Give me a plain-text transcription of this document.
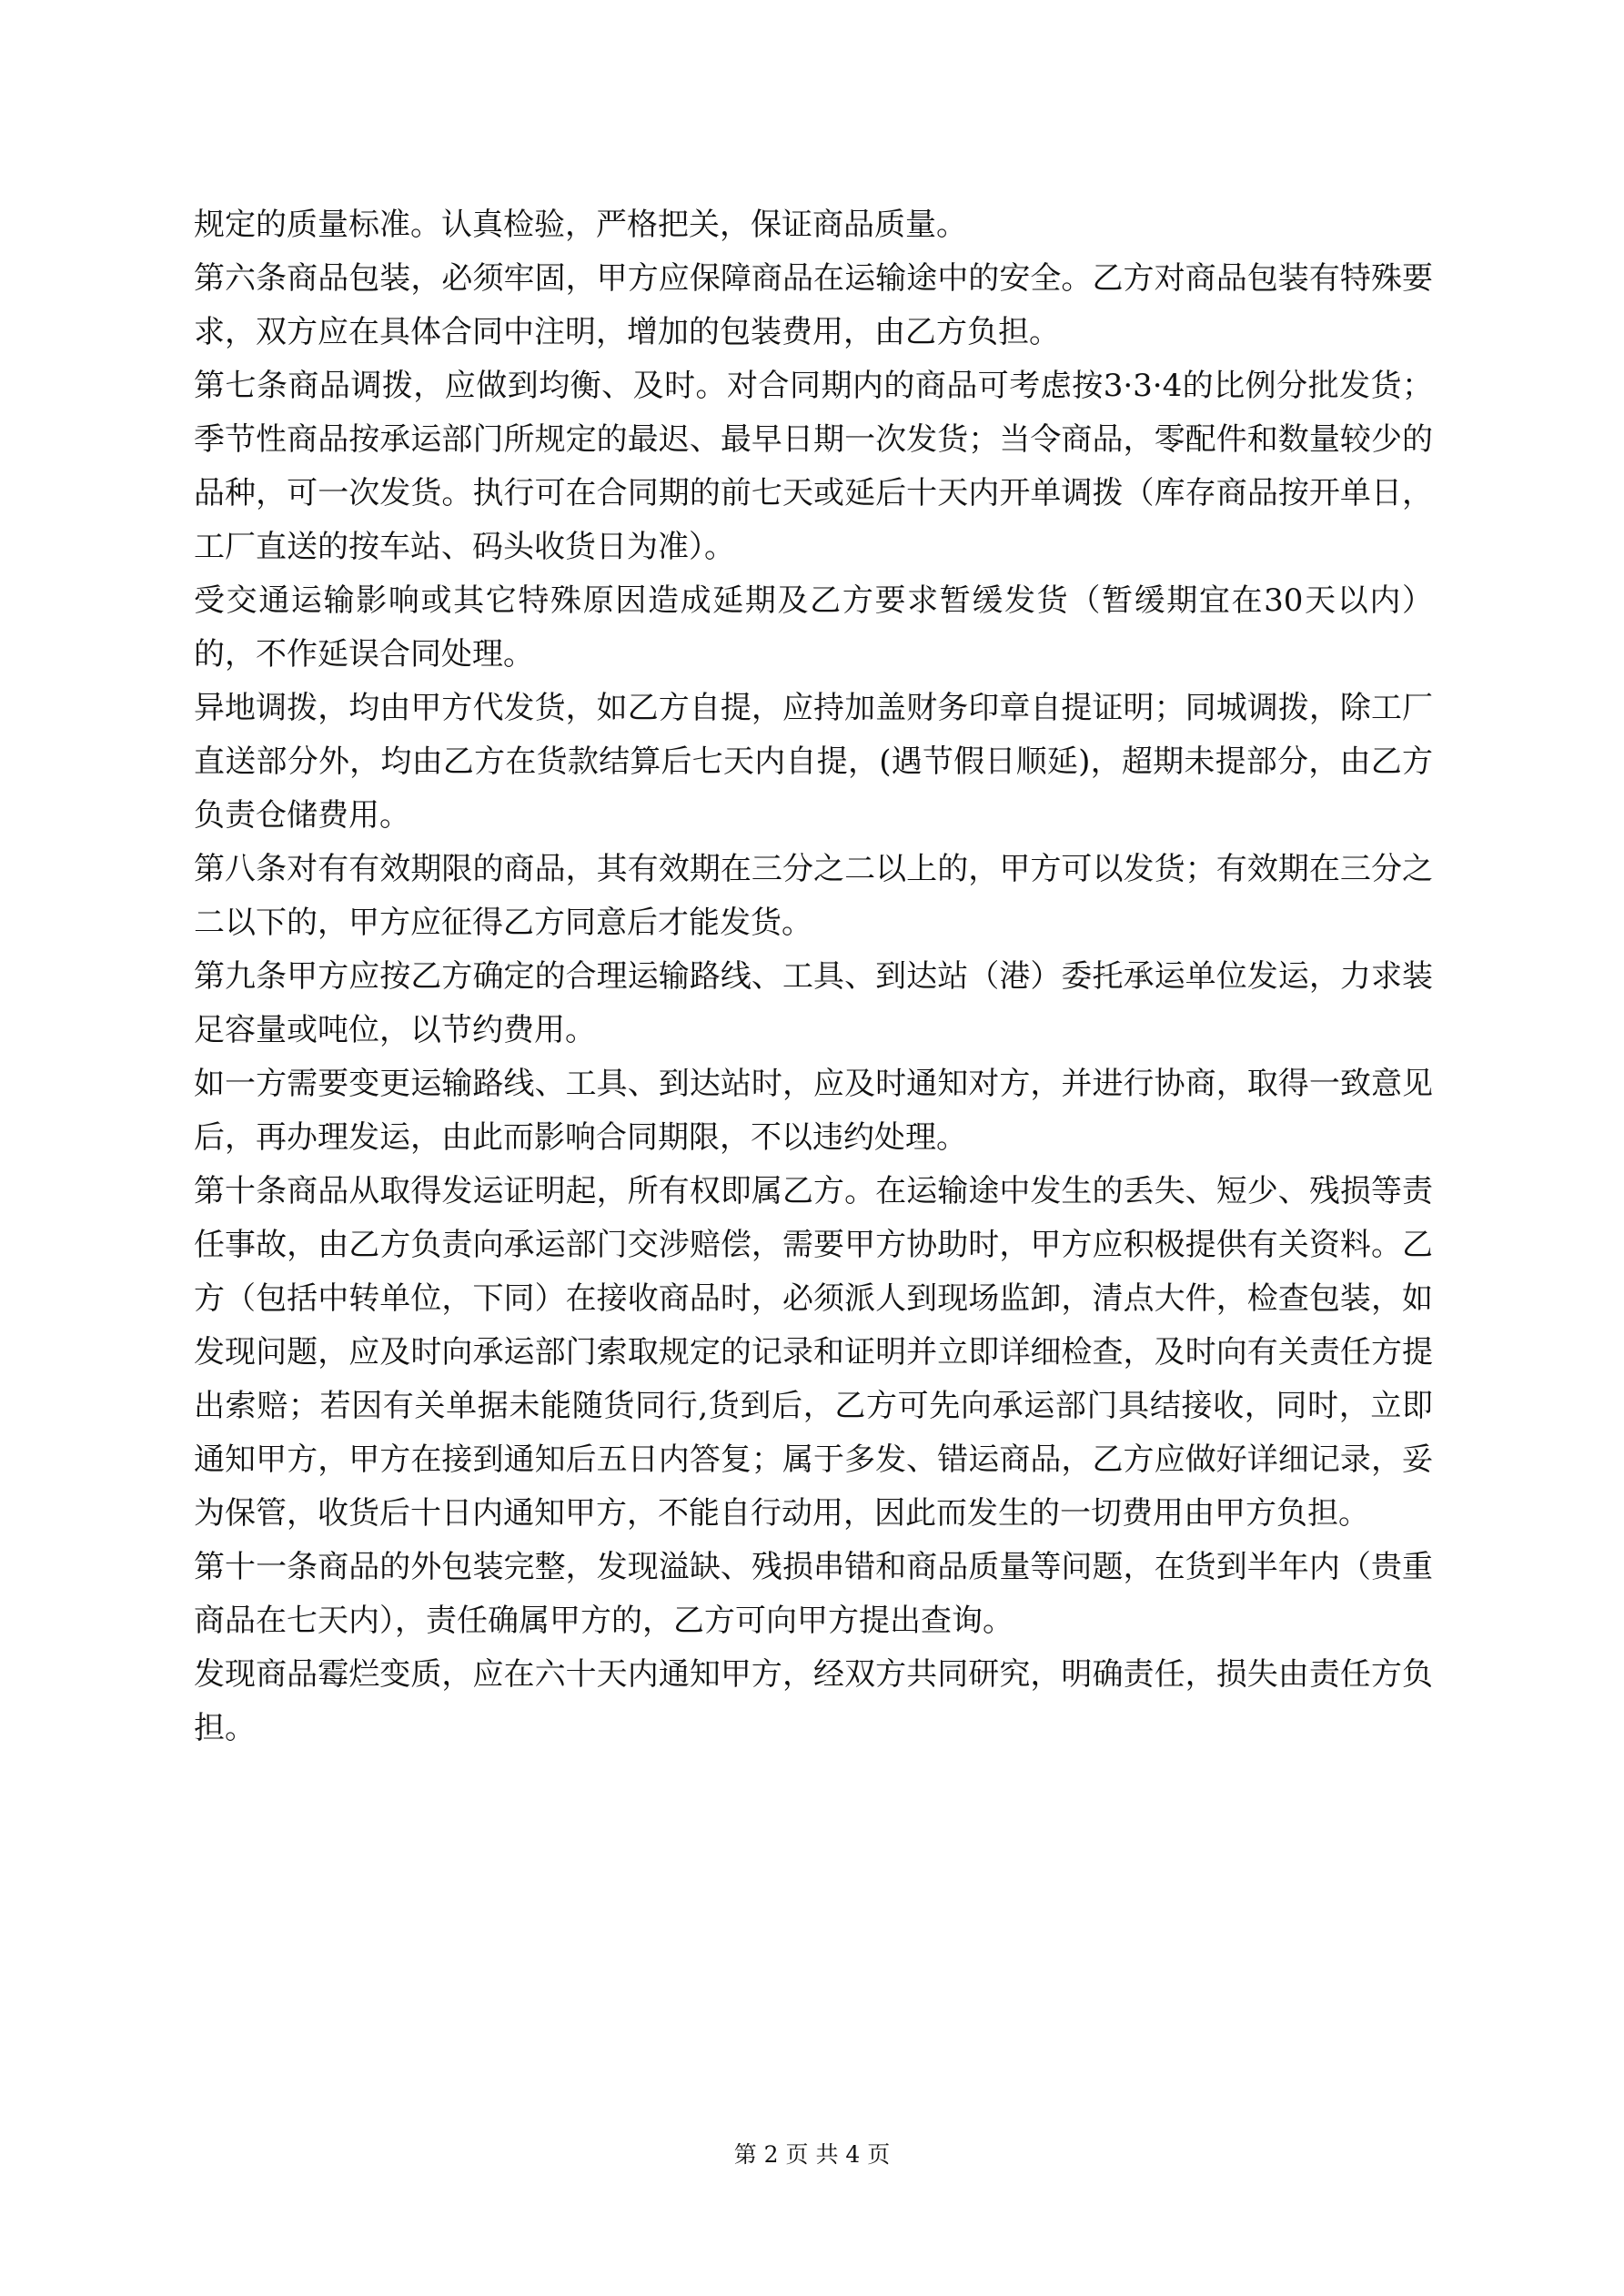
规定的质量标准。认真检验，严格把关，保证商品质量。

第六条商品包装，必须牢固，甲方应保障商品在运输途中的安全。乙方对商品包装有特殊要求，双方应在具体合同中注明，增加的包装费用，由乙方负担。

第七条商品调拨，应做到均衡、及时。对合同期内的商品可考虑按3·3·4的比例分批发货；季节性商品按承运部门所规定的最迟、最早日期一次发货；当令商品，零配件和数量较少的品种，可一次发货。执行可在合同期的前七天或延后十天内开单调拨（库存商品按开单日，工厂直送的按车站、码头收货日为准）。

受交通运输影响或其它特殊原因造成延期及乙方要求暂缓发货（暂缓期宜在30天以内）的，不作延误合同处理。

异地调拨，均由甲方代发货，如乙方自提，应持加盖财务印章自提证明；同城调拨，除工厂直送部分外，均由乙方在货款结算后七天内自提，(遇节假日顺延)，超期未提部分，由乙方负责仓储费用。

第八条对有有效期限的商品，其有效期在三分之二以上的，甲方可以发货；有效期在三分之二以下的，甲方应征得乙方同意后才能发货。

第九条甲方应按乙方确定的合理运输路线、工具、到达站（港）委托承运单位发运，力求装足容量或吨位，以节约费用。

如一方需要变更运输路线、工具、到达站时，应及时通知对方，并进行协商，取得一致意见后，再办理发运，由此而影响合同期限，不以违约处理。

第十条商品从取得发运证明起，所有权即属乙方。在运输途中发生的丢失、短少、残损等责任事故，由乙方负责向承运部门交涉赔偿，需要甲方协助时，甲方应积极提供有关资料。乙方（包括中转单位，下同）在接收商品时，必须派人到现场监卸，清点大件，检查包装，如发现问题，应及时向承运部门索取规定的记录和证明并立即详细检查，及时向有关责任方提出索赔；若因有关单据未能随货同行,货到后，乙方可先向承运部门具结接收，同时，立即通知甲方，甲方在接到通知后五日内答复；属于多发、错运商品，乙方应做好详细记录，妥为保管，收货后十日内通知甲方，不能自行动用，因此而发生的一切费用由甲方负担。

第十一条商品的外包装完整，发现溢缺、残损串错和商品质量等问题，在货到半年内（贵重商品在七天内），责任确属甲方的，乙方可向甲方提出查询。

发现商品霉烂变质，应在六十天内通知甲方，经双方共同研究，明确责任，损失由责任方负担。

第 2 页 共 4 页
